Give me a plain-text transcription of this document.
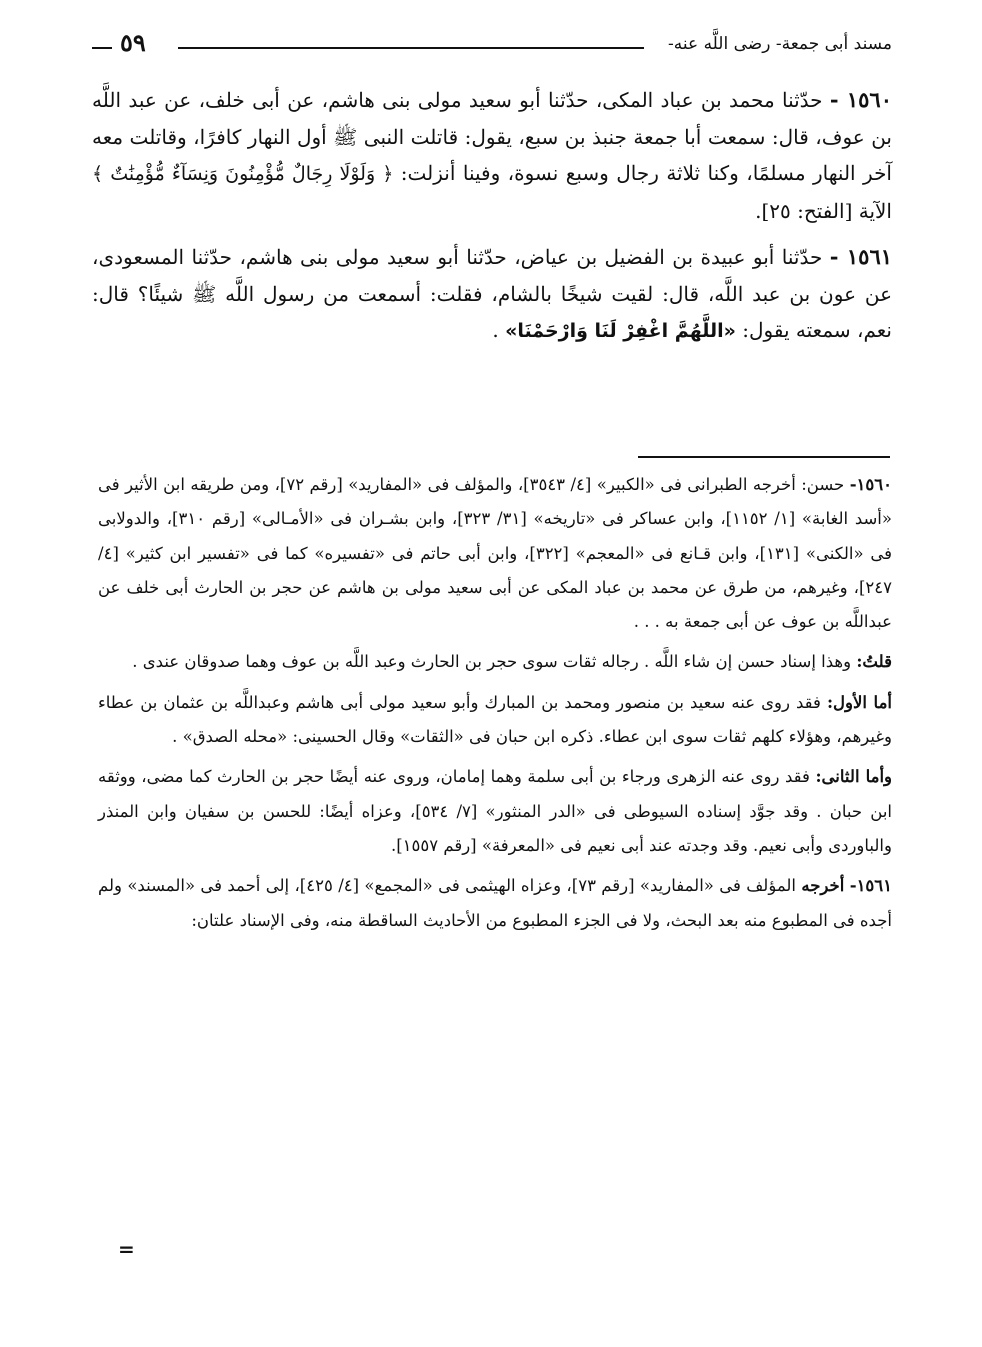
مسند أبى جمعة- رضى اللَّه عنه-
٥٩

١٥٦٠ - حدّثنا محمد بن عباد المكى، حدّثنا أبو سعيد مولى بنى هاشم، عن أبى خلف، عن عبد اللَّه بن عوف، قال: سمعت أبا جمعة جنبذ بن سبع، يقول: قاتلت النبى ﷺ أول النهار كافرًا، وقاتلت معه آخر النهار مسلمًا، وكنا ثلاثة رجال وسبع نسوة، وفينا أنزلت: ﴿ وَلَوْلَا رِجَالٌ مُّؤْمِنُونَ وَنِسَآءٌ مُّؤْمِنَٰتٌ ﴾ الآية [الفتح: ٢٥].

١٥٦١ - حدّثنا أبو عبيدة بن الفضيل بن عياض، حدّثنا أبو سعيد مولى بنى هاشم، حدّثنا المسعودى، عن عون بن عبد اللَّه، قال: لقيت شيخًا بالشام، فقلت: أسمعت من رسول اللَّه ﷺ شيئًا؟ قال: نعم، سمعته يقول: «اللَّهُمَّ اغْفِرْ لَنَا وَارْحَمْنَا» .

١٥٦٠- حسن: أخرجه الطبرانى فى «الكبير» [٤/ ٣٥٤٣]، والمؤلف فى «المفاريد» [رقم ٧٢]، ومن طريقه ابن الأثير فى «أسد الغابة» [١/ ١١٥٢]، وابن عساكر فى «تاريخه» [٣١/ ٣٢٣]، وابن بشـران فى «الأمـالى» [رقم ٣١٠]، والدولابى فى «الكنى» [١٣١]، وابن قـانع فى «المعجم» [٣٢٢]، وابن أبى حاتم فى «تفسيره» كما فى «تفسير ابن كثير» [٤/ ٢٤٧]، وغيرهم، من طرق عن محمد بن عباد المكى عن أبى سعيد مولى بن هاشم عن حجر بن الحارث أبى خلف عن عبداللَّه بن عوف عن أبى جمعة به . . .

قلتُ: وهذا إسناد حسن إن شاء اللَّه . رجاله ثقات سوى حجر بن الحارث وعبد اللَّه بن عوف وهما صدوقان عندى .

أما الأول: فقد روى عنه سعيد بن منصور ومحمد بن المبارك وأبو سعيد مولى أبى هاشم وعبداللَّه بن عثمان بن عطاء وغيرهم، وهؤلاء كلهم ثقات سوى ابن عطاء. ذكره ابن حبان فى «الثقات» وقال الحسينى: «محله الصدق» .

وأما الثانى: فقد روى عنه الزهرى ورجاء بن أبى سلمة وهما إمامان، وروى عنه أيضًا حجر بن الحارث كما مضى، ووثقه ابن حبان . وقد جوَّد إسناده السيوطى فى «الدر المنثور» [٧/ ٥٣٤]، وعزاه أيضًا: للحسن بن سفيان وابن المنذر والباوردى وأبى نعيم. وقد وجدته عند أبى نعيم فى «المعرفة» [رقم ١٥٥٧].

١٥٦١- أخرجه المؤلف فى «المفاريد» [رقم ٧٣]، وعزاه الهيثمى فى «المجمع» [٤/ ٤٢٥]، إلى أحمد فى «المسند» ولم أجده فى المطبوع منه بعد البحث، ولا فى الجزء المطبوع من الأحاديث الساقطة منه، وفى الإسناد علتان:

=
